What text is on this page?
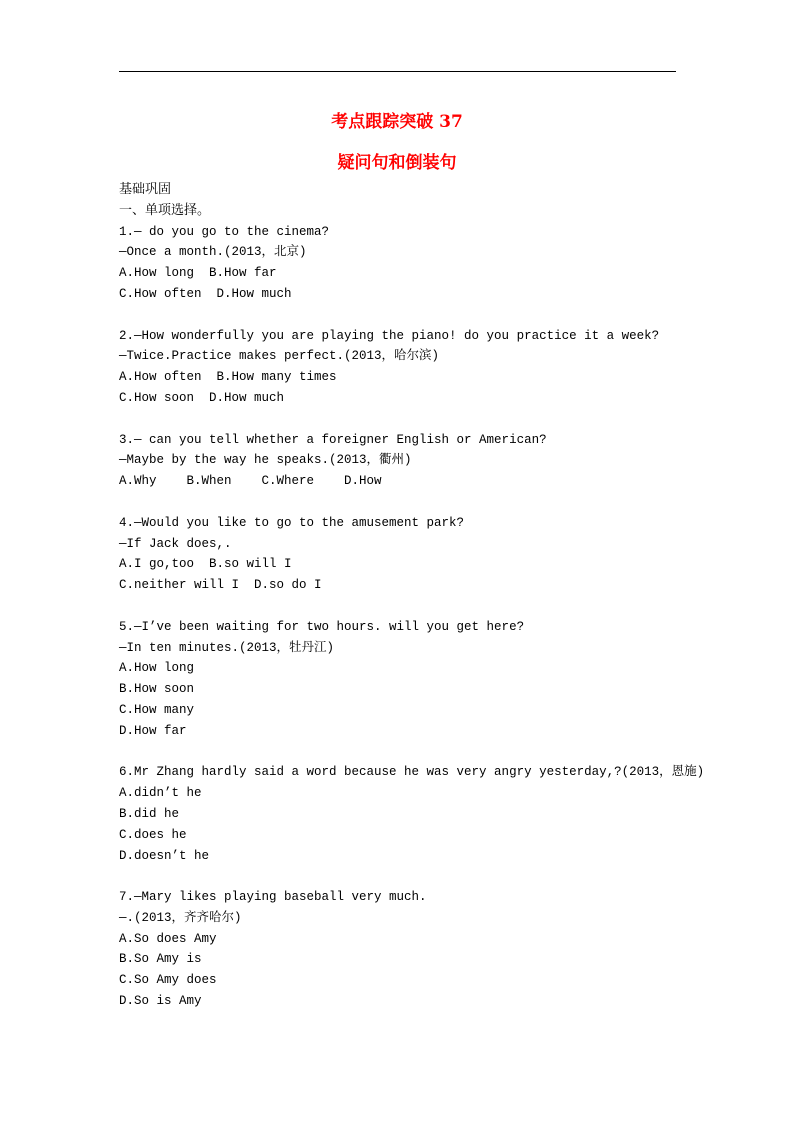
考点跟踪突破 37
疑问句和倒装句
基础巩固
一、单项选择。
1.— do you go to the cinema?
—Once a month.(2013，北京)
A.How long  B.How far
C.How often  D.How much
2.—How wonderfully you are playing the piano! do you practice it a week?
—Twice.Practice makes perfect.(2013，哈尔滨)
A.How often  B.How many times
C.How soon  D.How much
3.— can you tell whether a foreigner English or American?
—Maybe by the way he speaks.(2013，衢州)
A.Why    B.When    C.Where    D.How
4.—Would you like to go to the amusement park?
—If Jack does,.
A.I go,too  B.so will I
C.neither will I  D.so do I
5.—I’ve been waiting for two hours. will you get here?
—In ten minutes.(2013，牡丹江)
A.How long
B.How soon
C.How many
D.How far
6.Mr Zhang hardly said a word because he was very angry yesterday,?(2013，恩施)
A.didn’t he
B.did he
C.does he
D.doesn’t he
7.—Mary likes playing baseball very much.
—.(2013，齐齐哈尔)
A.So does Amy
B.So Amy is
C.So Amy does
D.So is Amy
